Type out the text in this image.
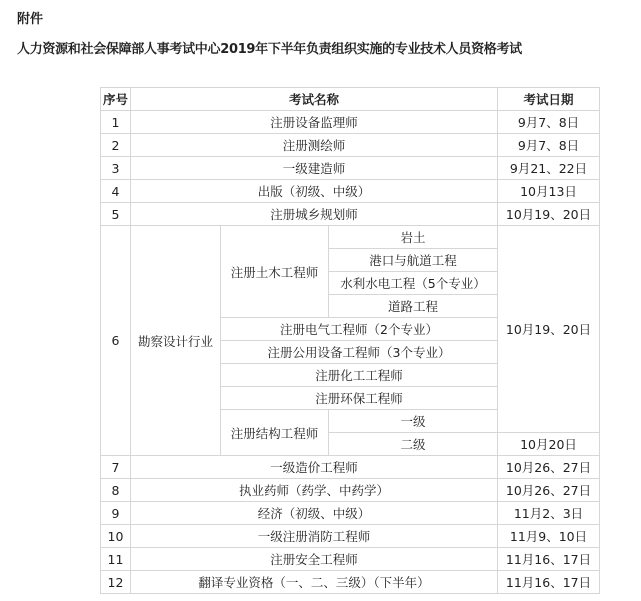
附件
人力资源和社会保障部人事考试中心2019年下半年负责组织实施的专业技术人员资格考试
序号	考试名称			考试日期
1	注册设备监理师			9月7、8日
2	注册测绘师			9月7、8日
3	一级建造师			9月21、22日
4	出版（初级、中级）			10月13日
5	注册城乡规划师			10月19、20日
6	勘察设计行业	注册土木工程师	岩土	10月19、20日
			港口与航道工程	
			水利水电工程（5个专业）	
			道路工程	
		注册电气工程师（2个专业）		
		注册公用设备工程师（3个专业）		
		注册化工工程师		
		注册环保工程师		
		注册结构工程师	一级	
			二级	10月20日
7	一级造价工程师			10月26、27日
8	执业药师（药学、中药学）			10月26、27日
9	经济（初级、中级）			11月2、3日
10	一级注册消防工程师			11月9、10日
11	注册安全工程师			11月16、17日
12	翻译专业资格（一、二、三级）（下半年）			11月16、17日
